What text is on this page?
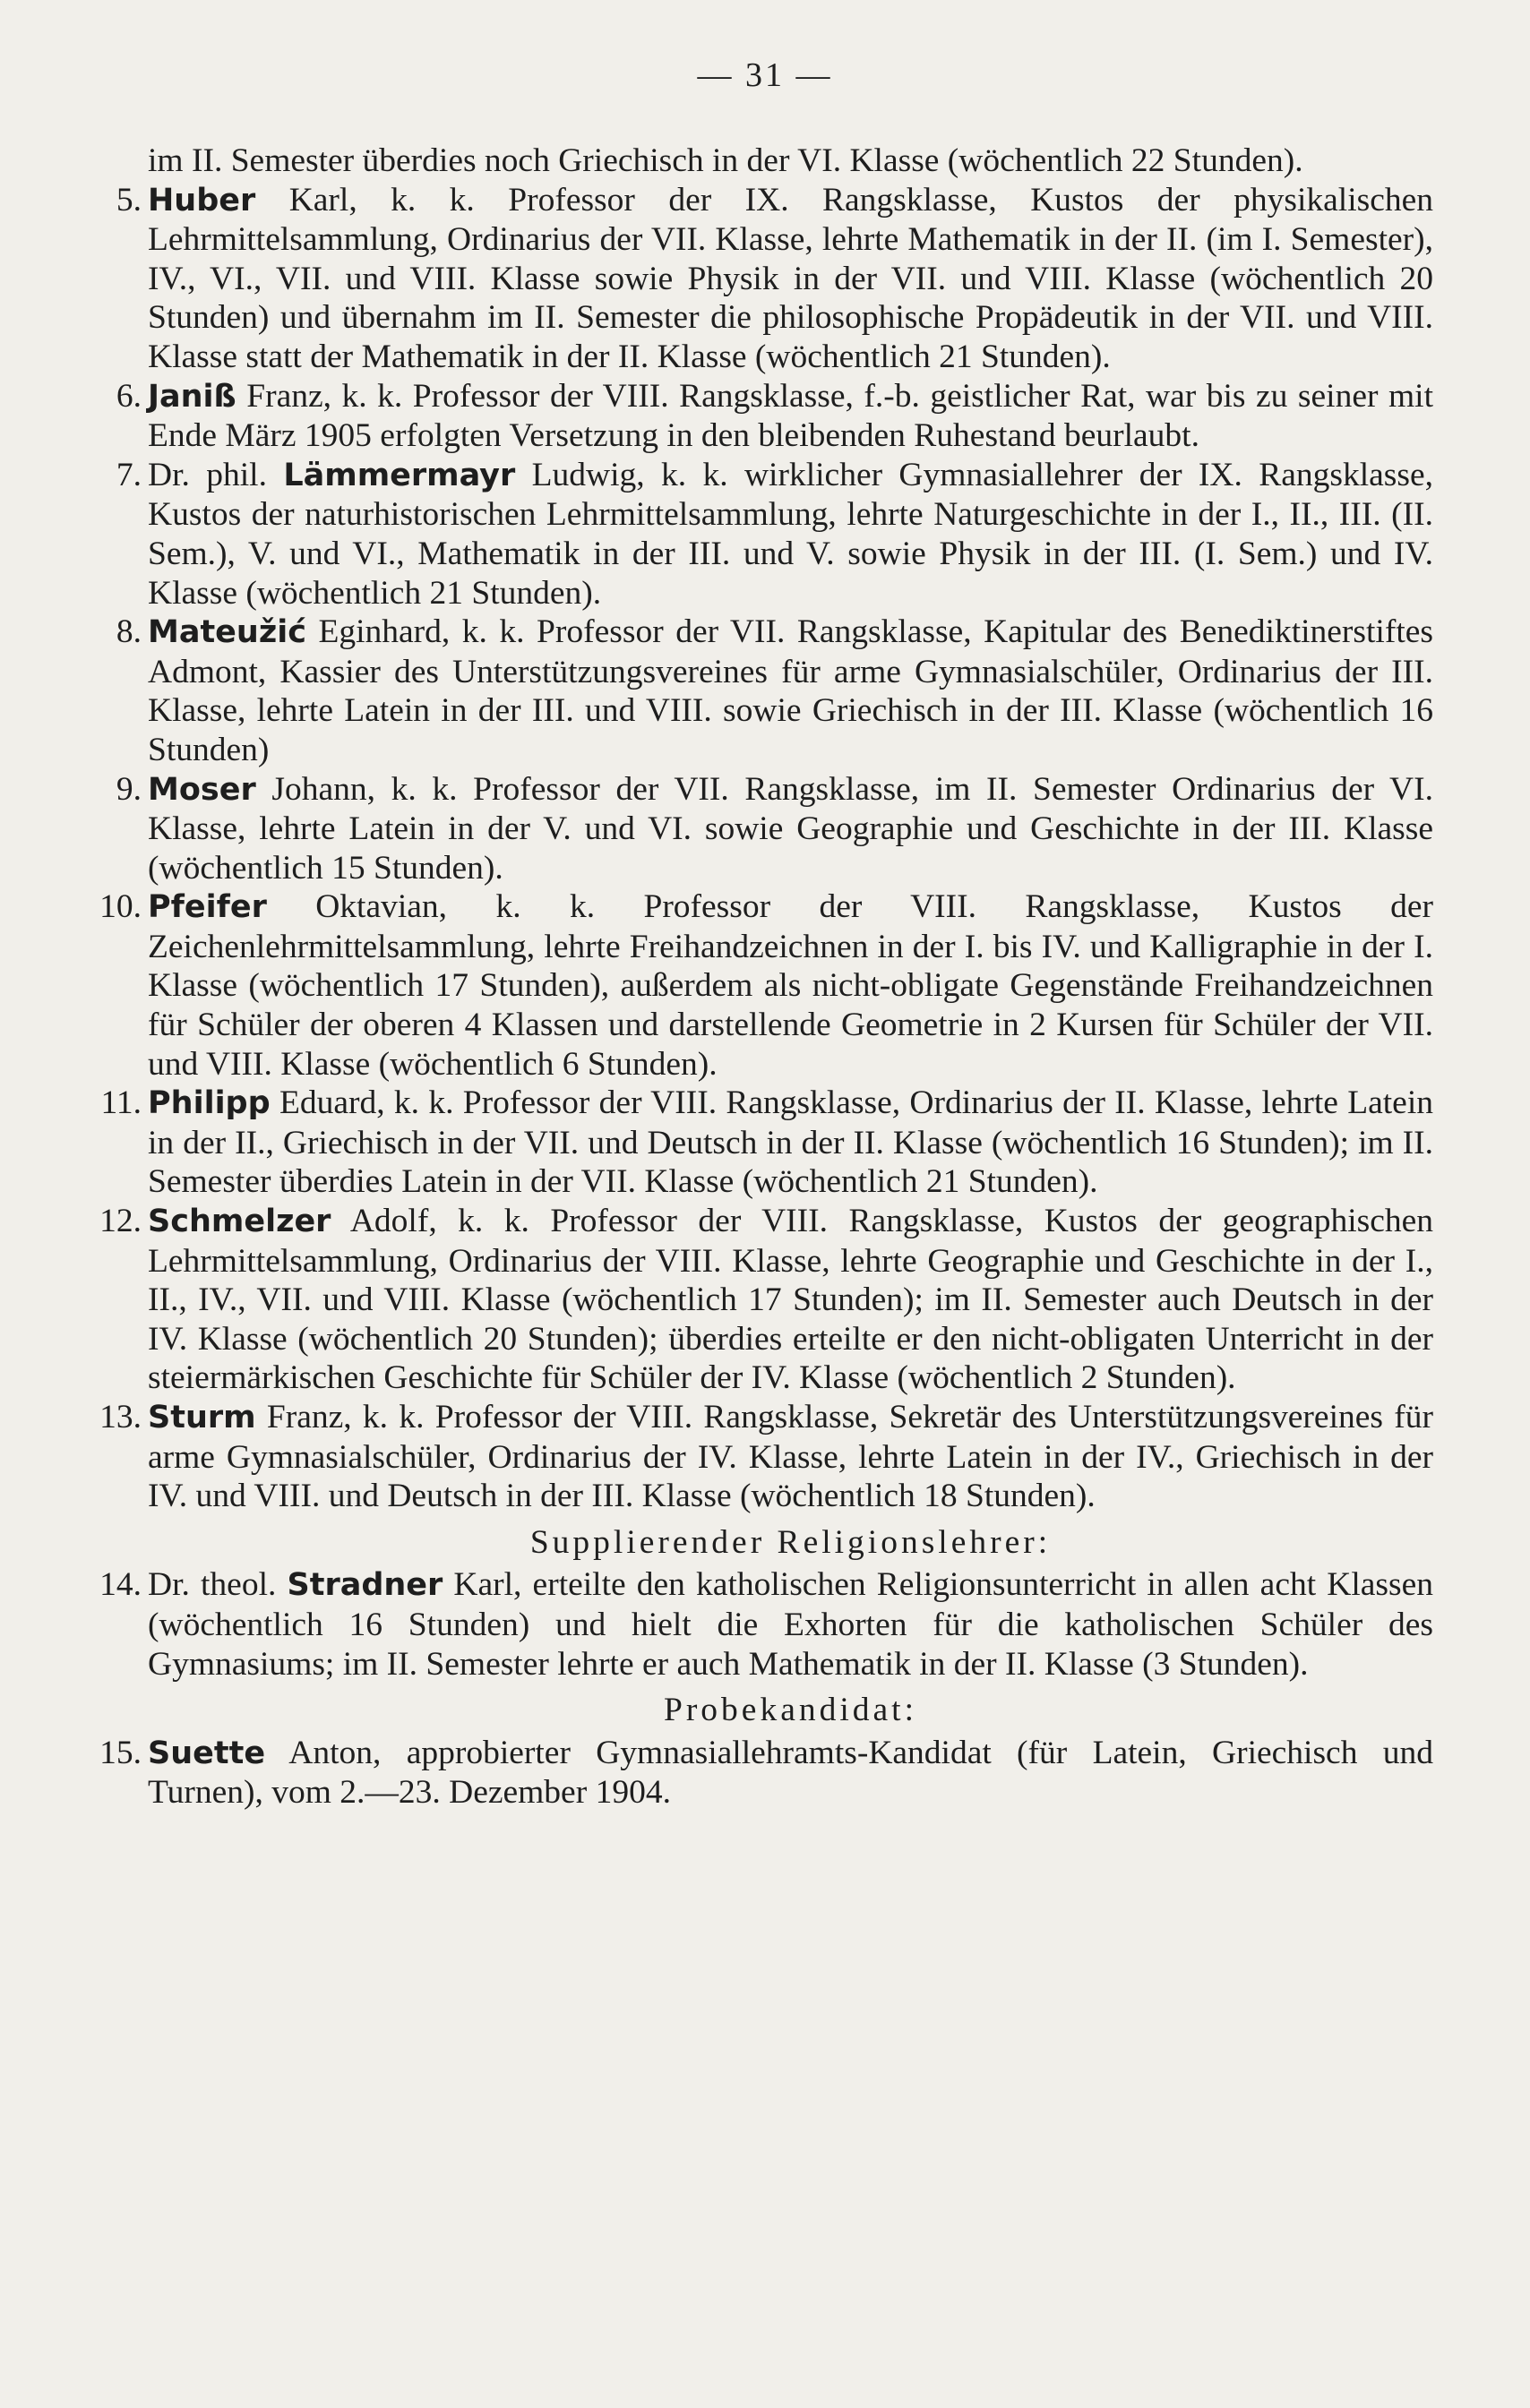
— 31 —
im II. Semester überdies noch Griechisch in der VI. Klasse (wöchentlich 22 Stunden).
5. Huber Karl, k. k. Professor der IX. Rangsklasse, Kustos der physikalischen Lehrmittelsammlung, Ordinarius der VII. Klasse, lehrte Mathematik in der II. (im I. Semester), IV., VI., VII. und VIII. Klasse sowie Physik in der VII. und VIII. Klasse (wöchentlich 20 Stunden) und übernahm im II. Semester die philosophische Propädeutik in der VII. und VIII. Klasse statt der Mathematik in der II. Klasse (wöchentlich 21 Stunden).
6. Janiß Franz, k. k. Professor der VIII. Rangsklasse, f.-b. geistlicher Rat, war bis zu seiner mit Ende März 1905 erfolgten Versetzung in den bleibenden Ruhestand beurlaubt.
7. Dr. phil. Lämmermayr Ludwig, k. k. wirklicher Gymnasiallehrer der IX. Rangsklasse, Kustos der naturhistorischen Lehrmittelsammlung, lehrte Naturgeschichte in der I., II., III. (II. Sem.), V. und VI., Mathematik in der III. und V. sowie Physik in der III. (I. Sem.) und IV. Klasse (wöchentlich 21 Stunden).
8. Mateužić Eginhard, k. k. Professor der VII. Rangsklasse, Kapitular des Benediktinerstiftes Admont, Kassier des Unterstützungsvereines für arme Gymnasialschüler, Ordinarius der III. Klasse, lehrte Latein in der III. und VIII. sowie Griechisch in der III. Klasse (wöchentlich 16 Stunden)
9. Moser Johann, k. k. Professor der VII. Rangsklasse, im II. Semester Ordinarius der VI. Klasse, lehrte Latein in der V. und VI. sowie Geographie und Geschichte in der III. Klasse (wöchentlich 15 Stunden).
10. Pfeifer Oktavian, k. k. Professor der VIII. Rangsklasse, Kustos der Zeichenlehrmittelsammlung, lehrte Freihandzeichnen in der I. bis IV. und Kalligraphie in der I. Klasse (wöchentlich 17 Stunden), außerdem als nicht-obligate Gegenstände Freihandzeichnen für Schüler der oberen 4 Klassen und darstellende Geometrie in 2 Kursen für Schüler der VII. und VIII. Klasse (wöchentlich 6 Stunden).
11. Philipp Eduard, k. k. Professor der VIII. Rangsklasse, Ordinarius der II. Klasse, lehrte Latein in der II., Griechisch in der VII. und Deutsch in der II. Klasse (wöchentlich 16 Stunden); im II. Semester überdies Latein in der VII. Klasse (wöchentlich 21 Stunden).
12. Schmelzer Adolf, k. k. Professor der VIII. Rangsklasse, Kustos der geographischen Lehrmittelsammlung, Ordinarius der VIII. Klasse, lehrte Geographie und Geschichte in der I., II., IV., VII. und VIII. Klasse (wöchentlich 17 Stunden); im II. Semester auch Deutsch in der IV. Klasse (wöchentlich 20 Stunden); überdies erteilte er den nicht-obligaten Unterricht in der steiermärkischen Geschichte für Schüler der IV. Klasse (wöchentlich 2 Stunden).
13. Sturm Franz, k. k. Professor der VIII. Rangsklasse, Sekretär des Unterstützungsvereines für arme Gymnasialschüler, Ordinarius der IV. Klasse, lehrte Latein in der IV., Griechisch in der IV. und VIII. und Deutsch in der III. Klasse (wöchentlich 18 Stunden).
Supplierender Religionslehrer:
14. Dr. theol. Stradner Karl, erteilte den katholischen Religionsunterricht in allen acht Klassen (wöchentlich 16 Stunden) und hielt die Exhorten für die katholischen Schüler des Gymnasiums; im II. Semester lehrte er auch Mathematik in der II. Klasse (3 Stunden).
Probekandidat:
15. Suette Anton, approbierter Gymnasiallehramts-Kandidat (für Latein, Griechisch und Turnen), vom 2.—23. Dezember 1904.
